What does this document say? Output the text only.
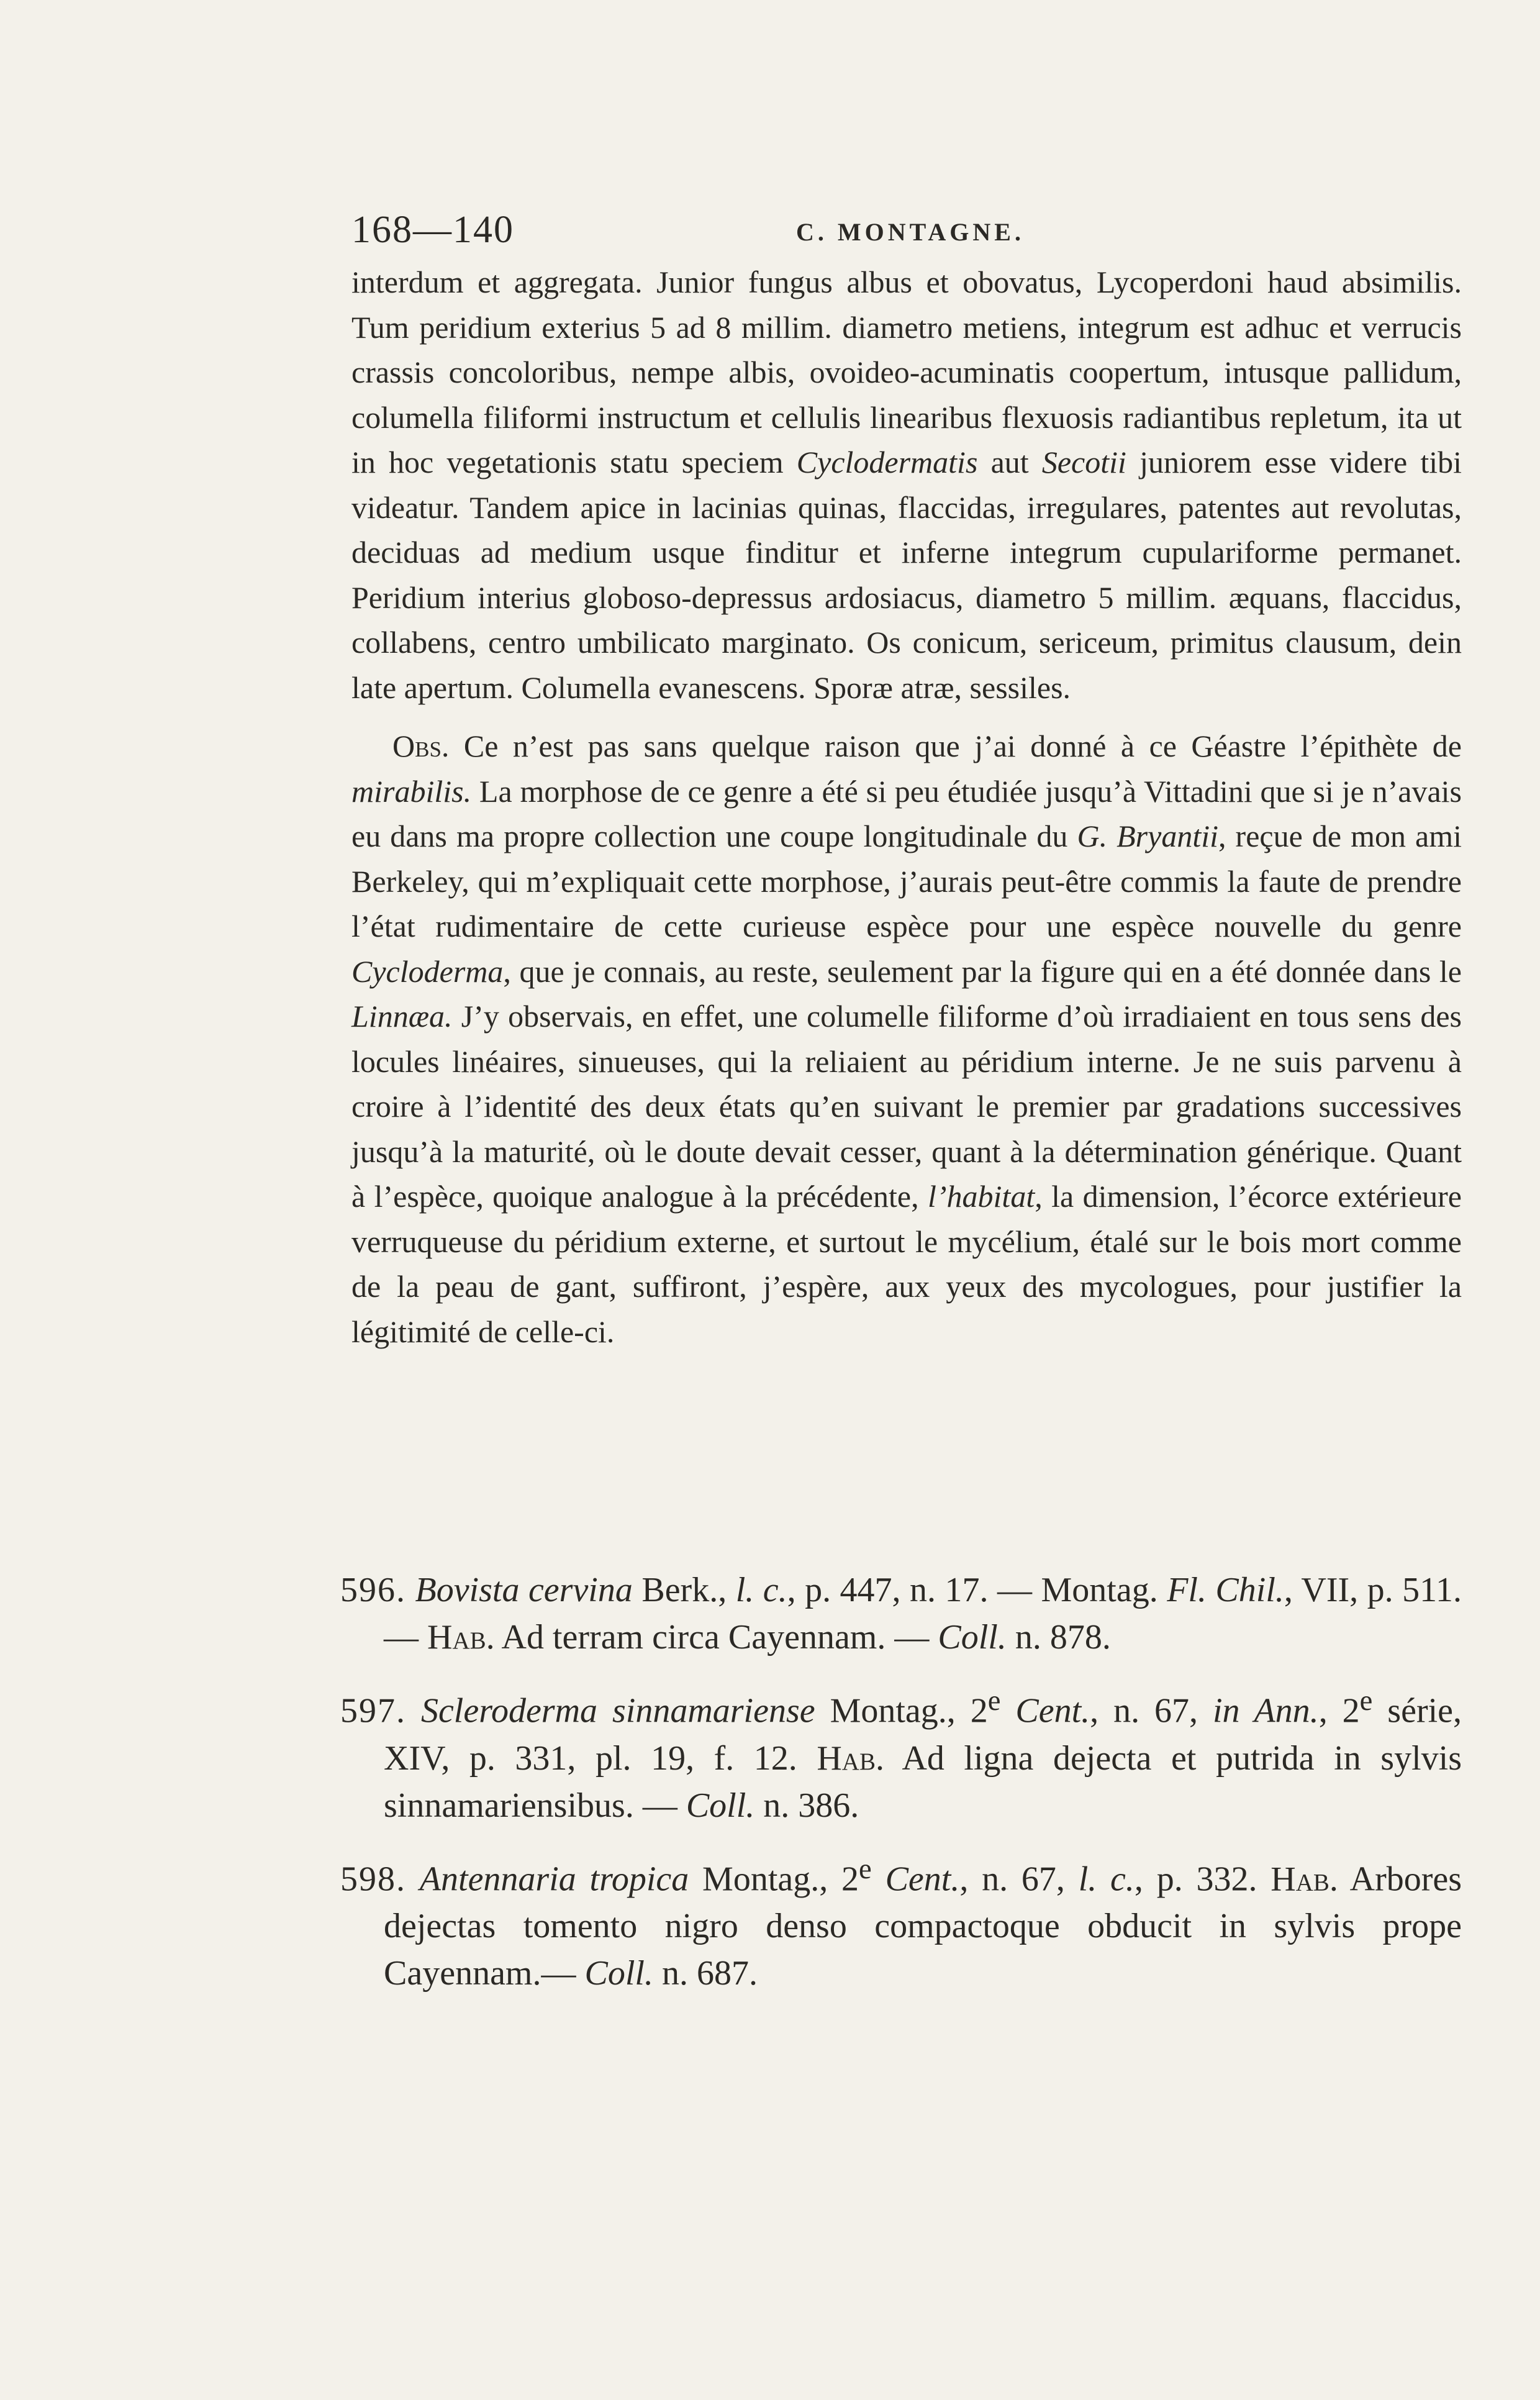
168—140	C. MONTAGNE.

interdum et aggregata. Junior fungus albus et obovatus, Lycoperdoni haud absimilis. Tum peridium exterius 5 ad 8 millim. diametro metiens, integrum est adhuc et verrucis crassis concoloribus, nempe albis, ovoideo-acuminatis coopertum, intusque pallidum, columella filiformi instructum et cellulis linearibus flexuosis radiantibus repletum, ita ut in hoc vegetationis statu speciem Cyclodermatis aut Secotii juniorem esse videre tibi videatur. Tandem apice in lacinias quinas, flaccidas, irregulares, patentes aut revolutas, deciduas ad medium usque finditur et inferne integrum cupulariforme permanet. Peridium interius globoso-depressus ardosiacus, diametro 5 millim. æquans, flaccidus, collabens, centro umbilicato marginato. Os conicum, sericeum, primitus clausum, dein late apertum. Columella evanescens. Sporæ atræ, sessiles.

Obs. Ce n’est pas sans quelque raison que j’ai donné à ce Géastre l’épithète de mirabilis. La morphose de ce genre a été si peu étudiée jusqu’à Vittadini que si je n’avais eu dans ma propre collection une coupe longitudinale du G. Bryantii, reçue de mon ami Berkeley, qui m’expliquait cette morphose, j’aurais peut-être commis la faute de prendre l’état rudimentaire de cette curieuse espèce pour une espèce nouvelle du genre Cycloderma, que je connais, au reste, seulement par la figure qui en a été donnée dans le Linnæa. J’y observais, en effet, une columelle filiforme d’où irradiaient en tous sens des locules linéaires, sinueuses, qui la reliaient au péridium interne. Je ne suis parvenu à croire à l’identité des deux états qu’en suivant le premier par gradations successives jusqu’à la maturité, où le doute devait cesser, quant à la détermination générique. Quant à l’espèce, quoique analogue à la précédente, l’habitat, la dimension, l’écorce extérieure verruqueuse du péridium externe, et surtout le mycélium, étalé sur le bois mort comme de la peau de gant, suffiront, j’espère, aux yeux des mycologues, pour justifier la légitimité de celle-ci.

596. Bovista cervina Berk., l. c., p. 447, n. 17. — Montag. Fl. Chil., VII, p. 511.— Hab. Ad terram circa Cayennam. — Coll. n. 878.

597. Scleroderma sinnamariense Montag., 2e Cent., n. 67, in Ann., 2e série, XIV, p. 331, pl. 19, f. 12. Hab. Ad ligna dejecta et putrida in sylvis sinnamariensibus. — Coll. n. 386.

598. Antennaria tropica Montag., 2e Cent., n. 67, l. c., p. 332. Hab. Arbores dejectas tomento nigro denso compactoque obducit in sylvis prope Cayennam.— Coll. n. 687.
